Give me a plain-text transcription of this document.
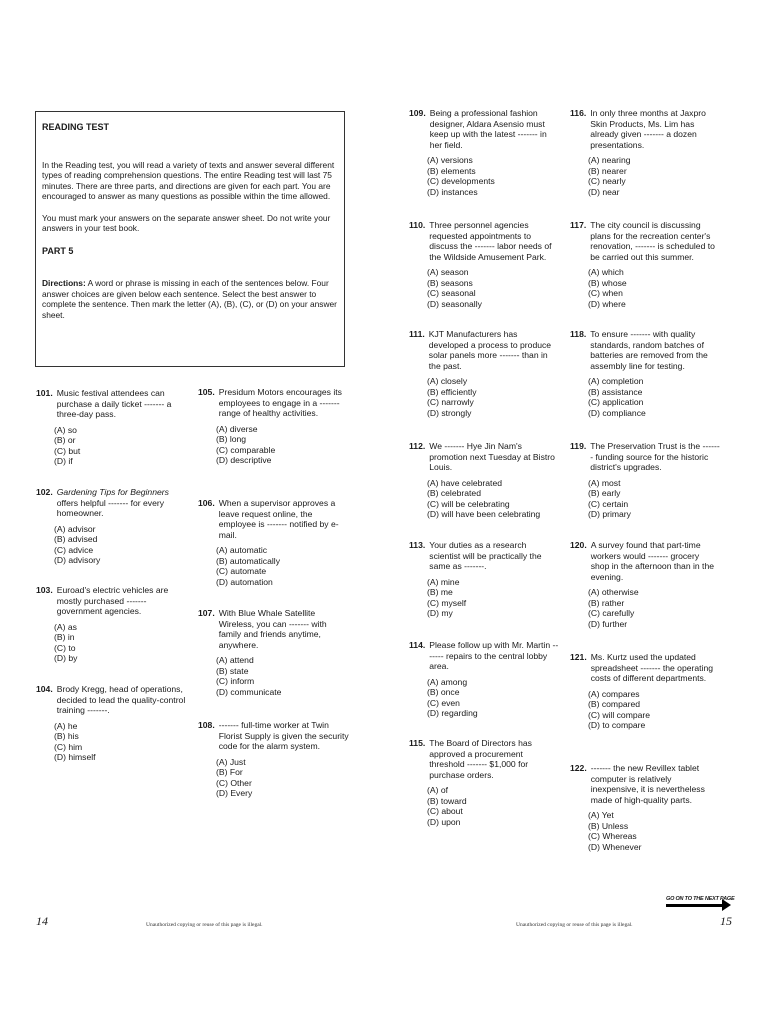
READING TEST
In the Reading test, you will read a variety of texts and answer several different types of reading comprehension questions. The entire Reading test will last 75 minutes. There are three parts, and directions are given for each part. You are encouraged to answer as many questions as possible within the time allowed.
You must mark your answers on the separate answer sheet. Do not write your answers in your test book.
PART 5
Directions: A word or phrase is missing in each of the sentences below. Four answer choices are given below each sentence. Select the best answer to complete the sentence. Then mark the letter (A), (B), (C), or (D) on your answer sheet.
101. Music festival attendees can purchase a daily ticket ------- a three-day pass.
(A) so
(B) or
(C) but
(D) if
102. Gardening Tips for Beginners offers helpful ------- for every homeowner.
(A) advisor
(B) advised
(C) advice
(D) advisory
103. Euroad's electric vehicles are mostly purchased ------- government agencies.
(A) as
(B) in
(C) to
(D) by
104. Brody Kregg, head of operations, decided to lead the quality-control training -------.
(A) he
(B) his
(C) him
(D) himself
105. Presidum Motors encourages its employees to engage in a ------- range of healthy activities.
(A) diverse
(B) long
(C) comparable
(D) descriptive
106. When a supervisor approves a leave request online, the employee is ------- notified by e-mail.
(A) automatic
(B) automatically
(C) automate
(D) automation
107. With Blue Whale Satellite Wireless, you can ------- with family and friends anytime, anywhere.
(A) attend
(B) state
(C) inform
(D) communicate
108. ------- full-time worker at Twin Florist Supply is given the security code for the alarm system.
(A) Just
(B) For
(C) Other
(D) Every
109. Being a professional fashion designer, Aldara Asensio must keep up with the latest ------- in her field.
(A) versions
(B) elements
(C) developments
(D) instances
110. Three personnel agencies requested appointments to discuss the ------- labor needs of the Wildside Amusement Park.
(A) season
(B) seasons
(C) seasonal
(D) seasonally
111. KJT Manufacturers has developed a process to produce solar panels more ------- than in the past.
(A) closely
(B) efficiently
(C) narrowly
(D) strongly
112. We ------- Hye Jin Nam's promotion next Tuesday at Bistro Louis.
(A) have celebrated
(B) celebrated
(C) will be celebrating
(D) will have been celebrating
113. Your duties as a research scientist will be practically the same as -------.
(A) mine
(B) me
(C) myself
(D) my
114. Please follow up with Mr. Martin ------- repairs to the central lobby area.
(A) among
(B) once
(C) even
(D) regarding
115. The Board of Directors has approved a procurement threshold ------- $1,000 for purchase orders.
(A) of
(B) toward
(C) about
(D) upon
116. In only three months at Jaxpro Skin Products, Ms. Lim has already given ------- a dozen presentations.
(A) nearing
(B) nearer
(C) nearly
(D) near
117. The city council is discussing plans for the recreation center's renovation, ------- is scheduled to be carried out this summer.
(A) which
(B) whose
(C) when
(D) where
118. To ensure ------- with quality standards, random batches of batteries are removed from the assembly line for testing.
(A) completion
(B) assistance
(C) application
(D) compliance
119. The Preservation Trust is the ------- funding source for the historic district's upgrades.
(A) most
(B) early
(C) certain
(D) primary
120. A survey found that part-time workers would ------- grocery shop in the afternoon than in the evening.
(A) otherwise
(B) rather
(C) carefully
(D) further
121. Ms. Kurtz used the updated spreadsheet ------- the operating costs of different departments.
(A) compares
(B) compared
(C) will compare
(D) to compare
122. ------- the new Revillex tablet computer is relatively inexpensive, it is nevertheless made of high-quality parts.
(A) Yet
(B) Unless
(C) Whereas
(D) Whenever
14	Unauthorized copying or reuse of this page is illegal.	Unauthorized copying or reuse of this page is illegal.	15
GO ON TO THE NEXT PAGE
